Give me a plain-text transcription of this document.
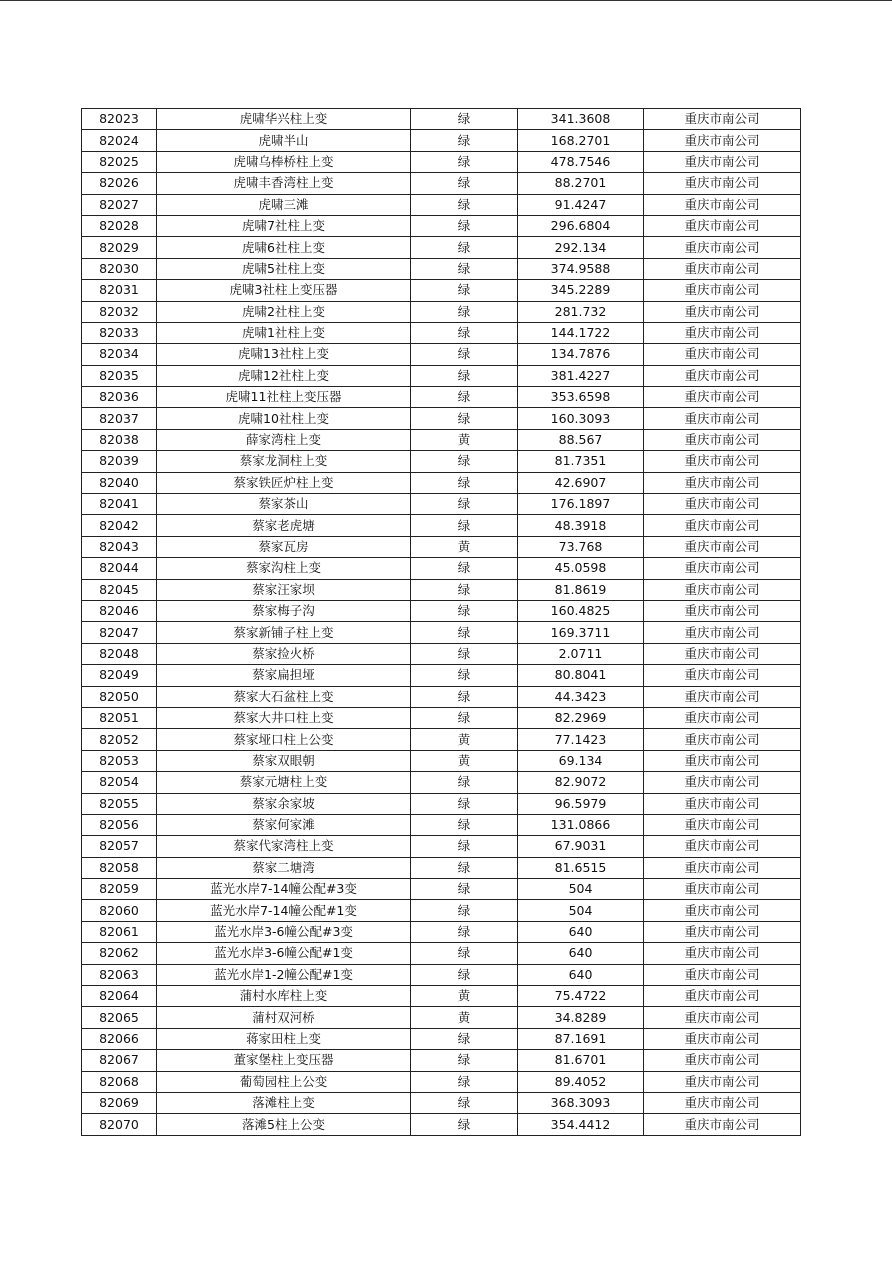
82023	虎啸华兴柱上变	绿	341.3608	重庆市南公司
82024	虎啸半山	绿	168.2701	重庆市南公司
82025	虎啸乌棒桥柱上变	绿	478.7546	重庆市南公司
82026	虎啸丰香湾柱上变	绿	88.2701	重庆市南公司
82027	虎啸三滩	绿	91.4247	重庆市南公司
82028	虎啸7社柱上变	绿	296.6804	重庆市南公司
82029	虎啸6社柱上变	绿	292.134	重庆市南公司
82030	虎啸5社柱上变	绿	374.9588	重庆市南公司
82031	虎啸3社柱上变压器	绿	345.2289	重庆市南公司
82032	虎啸2社柱上变	绿	281.732	重庆市南公司
82033	虎啸1社柱上变	绿	144.1722	重庆市南公司
82034	虎啸13社柱上变	绿	134.7876	重庆市南公司
82035	虎啸12社柱上变	绿	381.4227	重庆市南公司
82036	虎啸11社柱上变压器	绿	353.6598	重庆市南公司
82037	虎啸10社柱上变	绿	160.3093	重庆市南公司
82038	薛家湾柱上变	黄	88.567	重庆市南公司
82039	蔡家龙洞柱上变	绿	81.7351	重庆市南公司
82040	蔡家铁匠炉柱上变	绿	42.6907	重庆市南公司
82041	蔡家茶山	绿	176.1897	重庆市南公司
82042	蔡家老虎塘	绿	48.3918	重庆市南公司
82043	蔡家瓦房	黄	73.768	重庆市南公司
82044	蔡家沟柱上变	绿	45.0598	重庆市南公司
82045	蔡家汪家坝	绿	81.8619	重庆市南公司
82046	蔡家梅子沟	绿	160.4825	重庆市南公司
82047	蔡家新铺子柱上变	绿	169.3711	重庆市南公司
82048	蔡家捡火桥	绿	2.0711	重庆市南公司
82049	蔡家扁担垭	绿	80.8041	重庆市南公司
82050	蔡家大石盆柱上变	绿	44.3423	重庆市南公司
82051	蔡家大井口柱上变	绿	82.2969	重庆市南公司
82052	蔡家垭口柱上公变	黄	77.1423	重庆市南公司
82053	蔡家双眼朝	黄	69.134	重庆市南公司
82054	蔡家元塘柱上变	绿	82.9072	重庆市南公司
82055	蔡家余家坡	绿	96.5979	重庆市南公司
82056	蔡家何家滩	绿	131.0866	重庆市南公司
82057	蔡家代家湾柱上变	绿	67.9031	重庆市南公司
82058	蔡家二塘湾	绿	81.6515	重庆市南公司
82059	蓝光水岸7-14幢公配#3变	绿	504	重庆市南公司
82060	蓝光水岸7-14幢公配#1变	绿	504	重庆市南公司
82061	蓝光水岸3-6幢公配#3变	绿	640	重庆市南公司
82062	蓝光水岸3-6幢公配#1变	绿	640	重庆市南公司
82063	蓝光水岸1-2幢公配#1变	绿	640	重庆市南公司
82064	蒲村水库柱上变	黄	75.4722	重庆市南公司
82065	蒲村双河桥	黄	34.8289	重庆市南公司
82066	蒋家田柱上变	绿	87.1691	重庆市南公司
82067	董家堡柱上变压器	绿	81.6701	重庆市南公司
82068	葡萄园柱上公变	绿	89.4052	重庆市南公司
82069	落滩柱上变	绿	368.3093	重庆市南公司
82070	落滩5柱上公变	绿	354.4412	重庆市南公司
